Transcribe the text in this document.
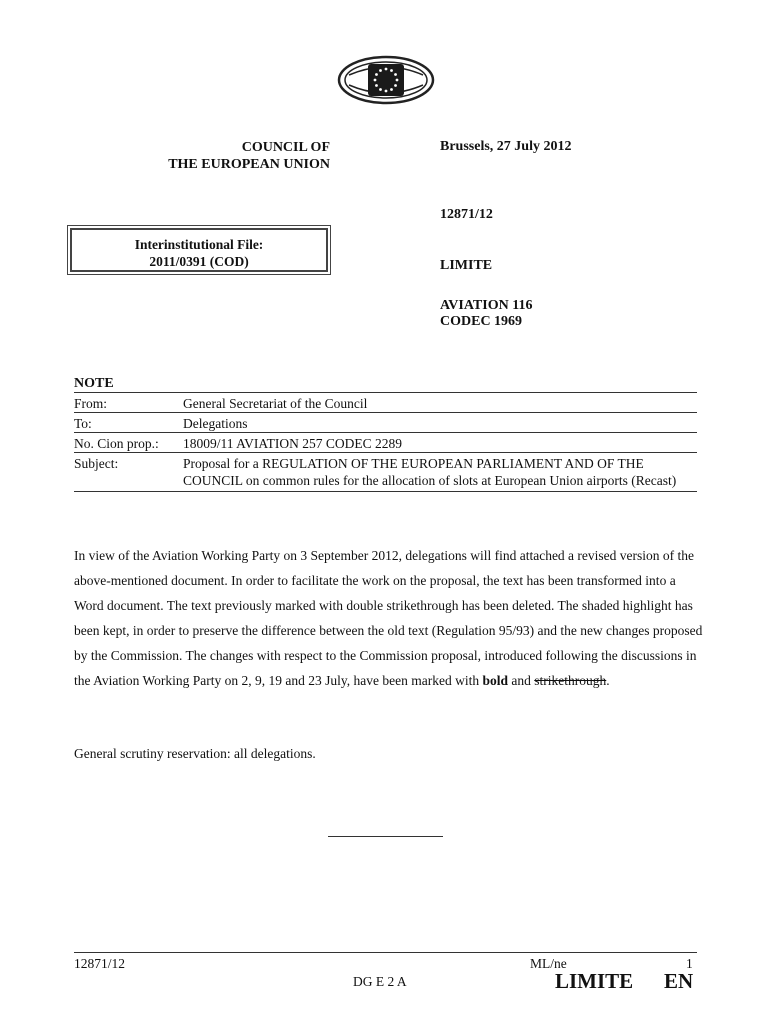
COUNCIL OF
THE EUROPEAN UNION
Brussels, 27 July 2012
12871/12
Interinstitutional File:
2011/0391 (COD)	LIMITE
AVIATION 116
CODEC 1969
NOTE
From:	General Secretariat of the Council
To:	Delegations
No. Cion prop.:	18009/11 AVIATION 257 CODEC 2289
Subject:	Proposal for a REGULATION OF THE EUROPEAN PARLIAMENT AND OF THE COUNCIL on common rules for the allocation of slots at European Union airports (Recast)
In view of the Aviation Working Party on 3 September 2012, delegations will find attached a revised version of the above-mentioned document. In order to facilitate the work on the proposal, the text has been transformed into a Word document. The text previously marked with double strikethrough has been deleted. The shaded highlight has been kept, in order to preserve the difference between the old text (Regulation 95/93) and the new changes proposed by the Commission. The changes with respect to the Commission proposal, introduced following the discussions in the Aviation Working Party on 2, 9, 19 and 23 July, have been marked with bold and strikethrough.
General scrutiny reservation: all delegations.
12871/12	ML/ne	1
DG E 2 A	LIMITE EN
